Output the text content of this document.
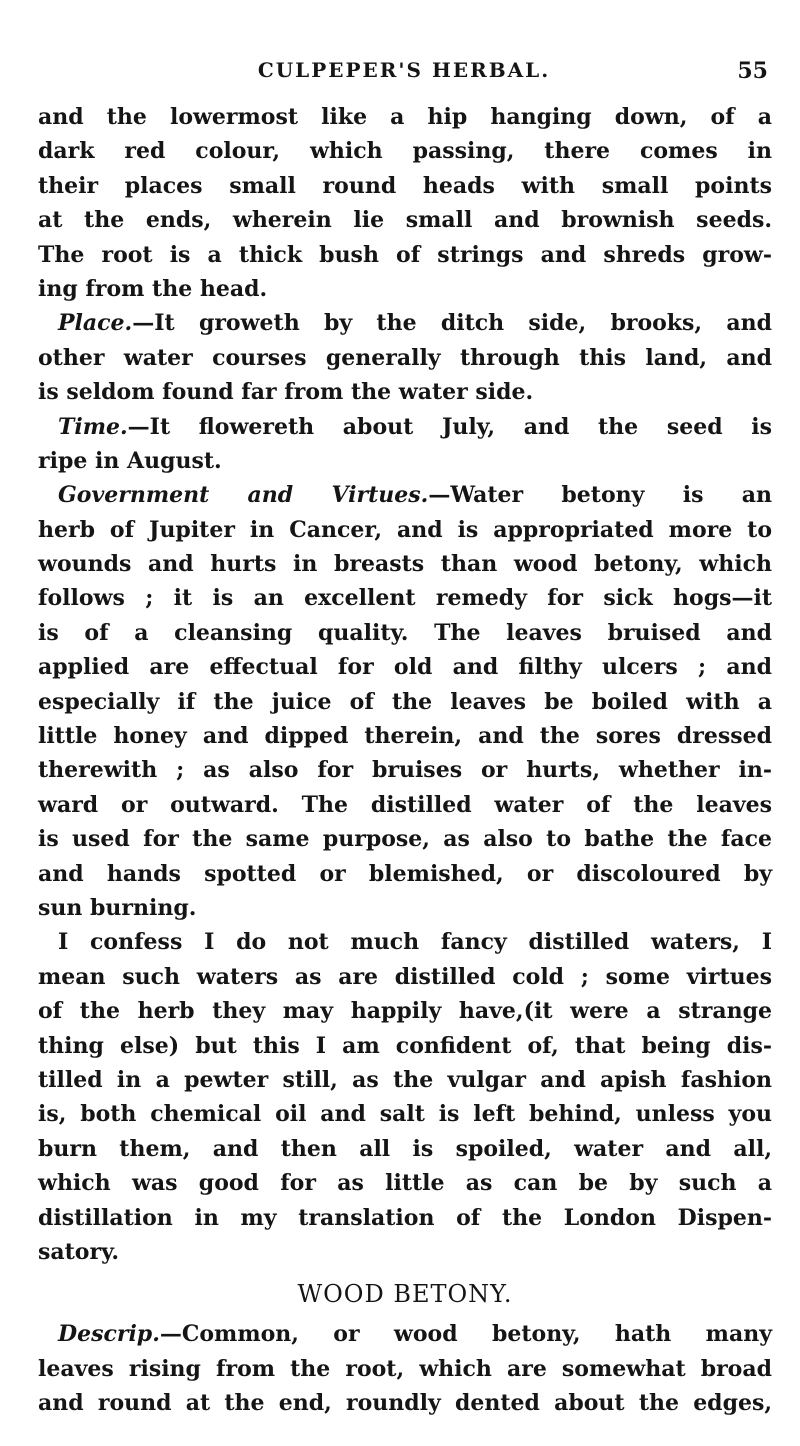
CULPEPER'S HERBAL.	55
and the lowermost like a hip hanging down, of a
dark red colour, which passing, there comes in
their places small round heads with small points
at the ends, wherein lie small and brownish seeds.
The root is a thick bush of strings and shreds grow-
ing from the head.
Place.—It groweth by the ditch side, brooks, and
other water courses generally through this land, and
is seldom found far from the water side.
Time.—It flowereth about July, and the seed is
ripe in August.
Government and Virtues.—Water betony is an
herb of Jupiter in Cancer, and is appropriated more to
wounds and hurts in breasts than wood betony, which
follows ; it is an excellent remedy for sick hogs—it
is of a cleansing quality. The leaves bruised and
applied are effectual for old and filthy ulcers ; and
especially if the juice of the leaves be boiled with a
little honey and dipped therein, and the sores dressed
therewith ; as also for bruises or hurts, whether in-
ward or outward. The distilled water of the leaves
is used for the same purpose, as also to bathe the face
and hands spotted or blemished, or discoloured by
sun burning.
I confess I do not much fancy distilled waters, I
mean such waters as are distilled cold ; some virtues
of the herb they may happily have,(it were a strange
thing else) but this I am confident of, that being dis-
tilled in a pewter still, as the vulgar and apish fashion
is, both chemical oil and salt is left behind, unless you
burn them, and then all is spoiled, water and all,
which was good for as little as can be by such a
distillation in my translation of the London Dispen-
satory.
WOOD BETONY.
Descrip.—Common, or wood betony, hath many
leaves rising from the root, which are somewhat broad
and round at the end, roundly dented about the edges,
